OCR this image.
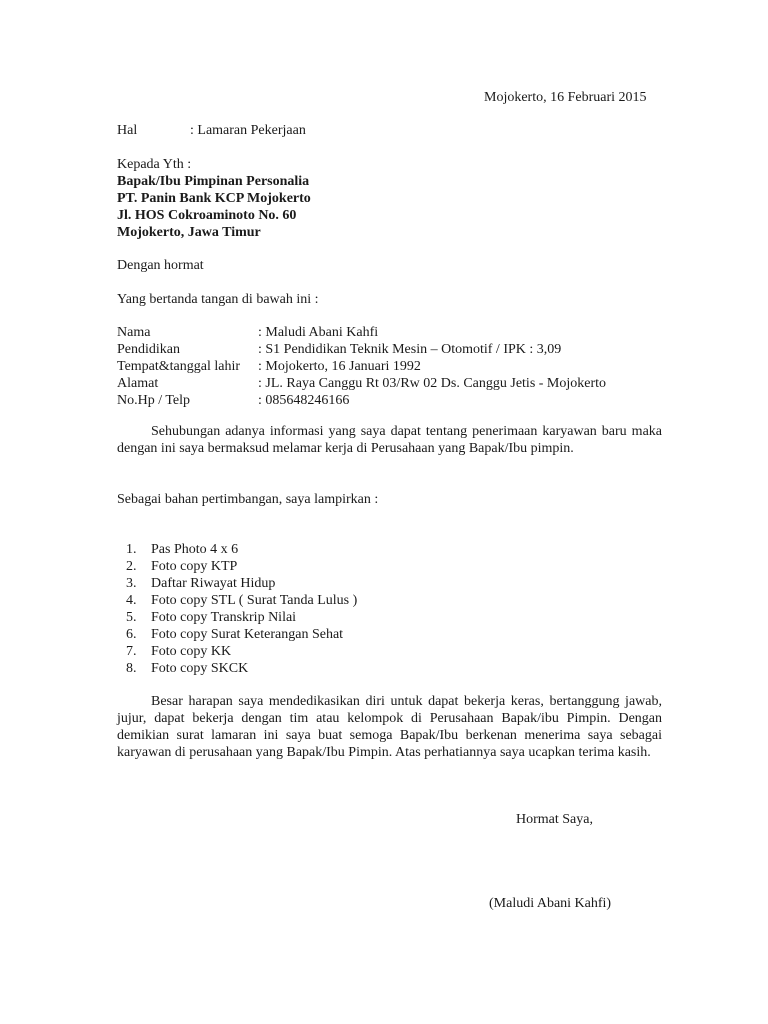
Mojokerto, 16 Februari 2015
Hal	: Lamaran Pekerjaan
Kepada Yth :
Bapak/Ibu Pimpinan Personalia
PT. Panin Bank KCP Mojokerto
Jl. HOS Cokroaminoto No. 60
Mojokerto, Jawa Timur
Dengan hormat
Yang bertanda tangan di bawah ini :
Nama	: Maludi Abani Kahfi
Pendidikan	: S1 Pendidikan Teknik Mesin – Otomotif / IPK : 3,09
Tempat&tanggal lahir : Mojokerto, 16 Januari 1992
Alamat	: JL. Raya Canggu Rt 03/Rw 02 Ds. Canggu Jetis - Mojokerto
No.Hp / Telp	: 085648246166

Sehubungan adanya informasi yang saya dapat tentang penerimaan karyawan baru maka dengan ini saya bermaksud melamar kerja di Perusahaan yang Bapak/Ibu pimpin.

Sebagai bahan pertimbangan, saya lampirkan :
1.	Pas Photo 4 x 6
2.	Foto copy KTP
3.	Daftar Riwayat Hidup
4.	Foto copy STL ( Surat Tanda Lulus )
5.	Foto copy Transkrip Nilai
6.	Foto copy Surat Keterangan Sehat
7.	Foto copy KK
8.	Foto copy SKCK

Besar harapan saya mendedikasikan diri untuk dapat bekerja keras, bertanggung jawab, jujur, dapat bekerja dengan tim atau kelompok di Perusahaan Bapak/ibu Pimpin. Dengan demikian surat lamaran ini saya buat semoga Bapak/Ibu berkenan menerima saya sebagai karyawan di perusahaan yang Bapak/Ibu Pimpin. Atas perhatiannya saya ucapkan terima kasih.

Hormat Saya,
(Maludi Abani Kahfi)
